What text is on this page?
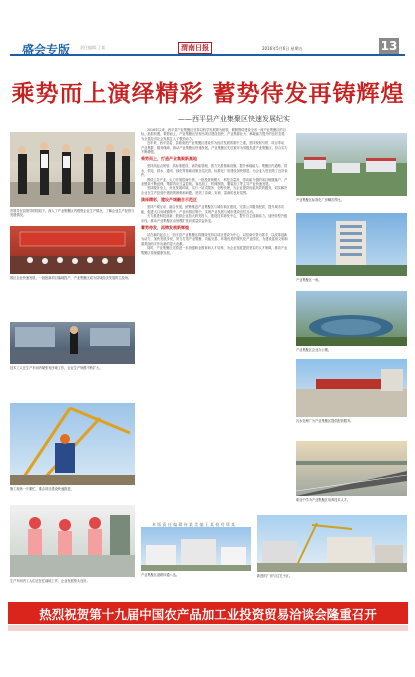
盛会专版 责任编辑 丁某	渭南日报	2016年5月6日 星期五	13
乘势而上演绎精彩 蓄势待发再铸辉煌
——西平县产业集聚区快速发展纪实
市领导在县领导的陪同下，深入了产业集聚区内观察企业生产情况，了解企业生产经营与发展情况。
园区企业快速发展，一批批新项目落地投产，产业集聚区成为县域经济发展的主战场。
技术工人在生产车间内紧张有序地工作，企业生产规模不断扩大。
施工现场一片繁忙，重点项目建设快速推进。
生产车间内工人们正在忙碌地工作，企业发展势头良好。

2016年以来，西平县产业集聚区坚持以科学发展观为统领，紧紧围绕建设全省一流产业集聚区的目标，抢抓机遇，乘势而上，产业集聚区呈现出项目建设加快、产业集群壮大、承载能力提升的良好态势，为全县经济社会发展注入了强劲动力。

近年来，西平县委、县政府把产业集聚区建设作为经济发展的重中之重，坚持规划引领、项目带动、产业集群、服务保障，推动产业集聚区快速发展。产业集聚区先后被评为省级先进产业集聚区，综合实力不断增强。

乘势而上，打造产业集聚新高地

坚持高起点规划、高标准建设、高效能管理，着力完善基础设施，提升承载能力。集聚区内道路、供水、供电、排水、通讯、绿化等基础设施日趋完善，标准化厂房建设加快推进，为企业入驻创造了良好条件。

围绕主导产业，大力开展招商引资，一批投资规模大、科技含量高、带动能力强的项目相继落户，产业链条不断延伸，集群效应日益显现。食品加工、机械制造、服装加工等主导产业快速发展。

坚持服务至上，优化发展环境。实行一站式服务、全程代理，为企业提供优质高效的服务，切实解决企业在生产经营中遇到的困难和问题，营造了亲商、安商、富商的良好氛围。

演绎精彩，建设产城融合示范区

坚持产城互动、融合发展，统筹推进产业集聚区与城市新区建设，完善公共服务配套，提升城市功能，促进人口向城镇集中、产业向园区集中，实现产业发展与城市建设良性互动。

大力推进科技创新，鼓励企业加大研发投入，建设技术研发中心，提升自主创新能力，加快转型升级步伐，推动产业集聚区由规模扩张向质量效益转变。

蓄势待发，再铸发展新辉煌

站在新的起点上，西平县产业集聚区将继续坚持以项目建设为中心，以招商引资为抓手，以改革创新为动力，加快发展步伐，努力打造产业集聚、功能完善、环境优美的现代化产业园区，为建设富裕文明和谐美丽西平作出新的更大贡献。

同时，产业集聚区还将进一步加强职业教育和人才培养，为企业发展提供坚实的人才保障，推动产业集聚区持续健康发展。

产业集聚区标准化厂房鳞次栉比。
产业集聚区一角。
产业集聚区企业办公楼。
污水处理厂为产业集聚区提供配套服务。
职业中学为产业集聚区培养技术人才。
产业集聚区道路四通八达。	新建的厂房与住宅小区。
本 版 责 任 编 辑 何 某 美 编 王 某 校 对 郑 某
热烈祝贺第十九届中国农产品加工业投资贸易洽谈会隆重召开
